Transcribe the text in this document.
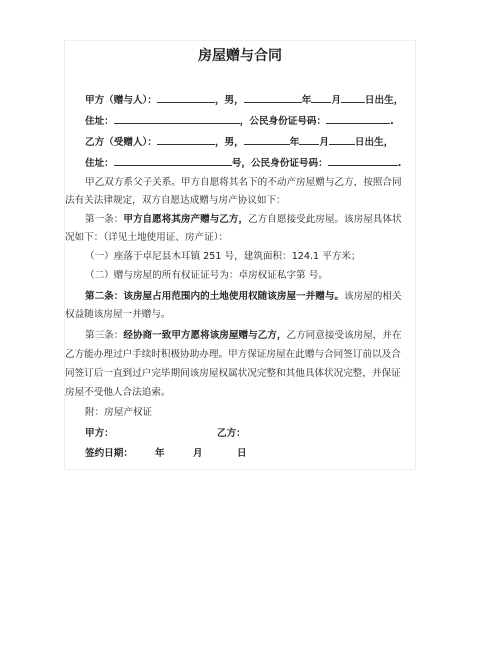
房屋赠与合同
甲方（赠与人）：	，男，	年 月	日出生，
住址：	，公民身份证号码：	.
乙方（受赠人）：	，男，	年 月	日出生，
住址：	号，公民身份证号码：	.
甲乙双方系父子关系。甲方自愿将其名下的不动产房屋赠与乙方，按照合同
法有关法律规定，双方自愿达成赠与房产协议如下：
第一条：甲方自愿将其房产赠与乙方，乙方自愿接受此房屋。该房屋具体状
况如下：（详见土地使用证、房产证）：
（一）座落于卓尼县木耳镇 251 号，建筑面积：124.1 平方米；
（二）赠与房屋的所有权证证号为：卓房权证私字第 号。
第二条：该房屋占用范围内的土地使用权随该房屋一并赠与。该房屋的相关
权益随该房屋一并赠与。
第三条：经协商一致甲方愿将该房屋赠与乙方，乙方同意接受该房屋，并在
乙方能办理过户手续时积极协助办理。甲方保证房屋在此赠与合同签订前以及合
同签订后一直到过户完毕期间该房屋权属状况完整和其他具体状况完整，并保证
房屋不受他人合法追索。
附：房屋产权证
甲方：	乙方：
签约日期： 年	月	日
